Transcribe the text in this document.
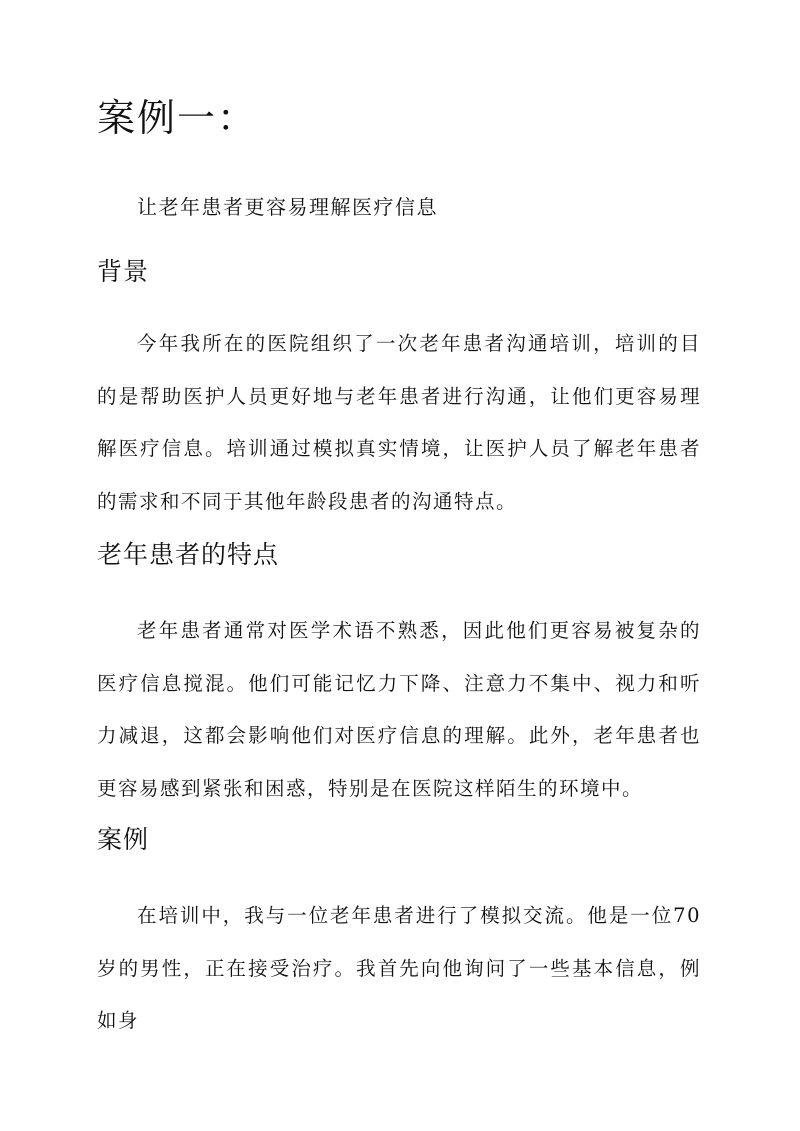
案例一：

让老年患者更容易理解医疗信息

背景

今年我所在的医院组织了一次老年患者沟通培训，培训的目的是帮助医护人员更好地与老年患者进行沟通，让他们更容易理解医疗信息。培训通过模拟真实情境，让医护人员了解老年患者的需求和不同于其他年龄段患者的沟通特点。

老年患者的特点

老年患者通常对医学术语不熟悉，因此他们更容易被复杂的医疗信息搅混。他们可能记忆力下降、注意力不集中、视力和听力减退，这都会影响他们对医疗信息的理解。此外，老年患者也更容易感到紧张和困惑，特别是在医院这样陌生的环境中。

案例

在培训中，我与一位老年患者进行了模拟交流。他是一位70岁的男性，正在接受治疗。我首先向他询问了一些基本信息，例如身
